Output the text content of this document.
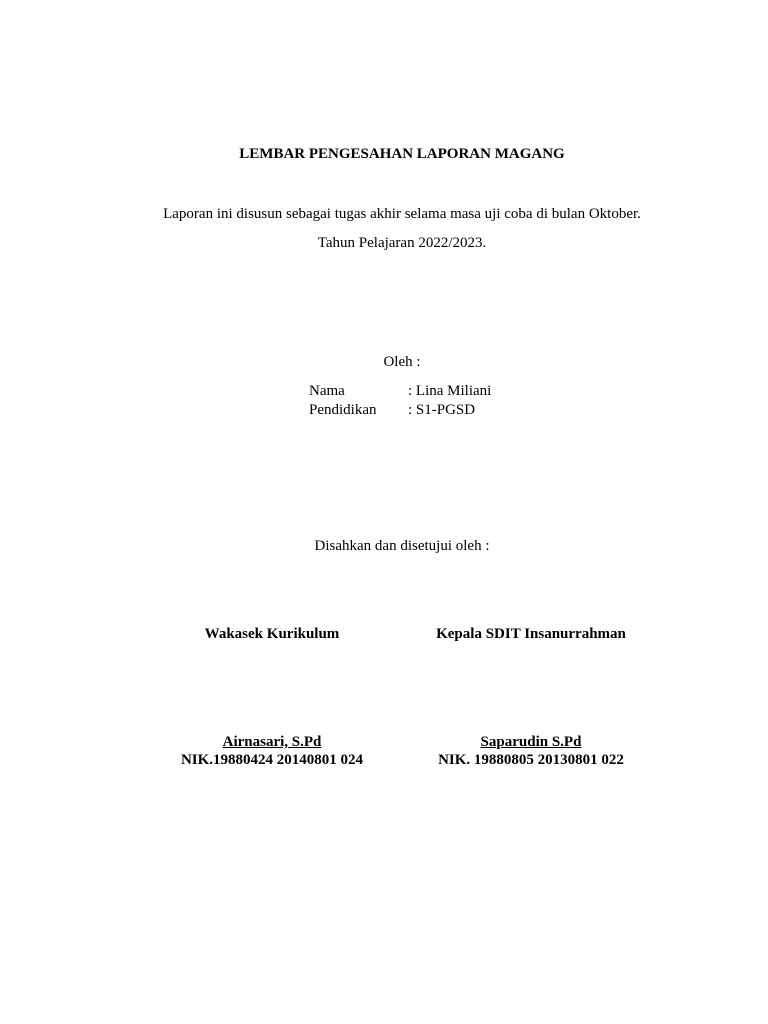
LEMBAR PENGESAHAN LAPORAN MAGANG
Laporan ini disusun sebagai tugas akhir selama masa uji coba di bulan Oktober.
Tahun Pelajaran 2022/2023.
Oleh :
Nama	: Lina Miliani
Pendidikan : S1-PGSD
Disahkan dan disetujui oleh :
Wakasek Kurikulum	Kepala SDIT Insanurrahman
Airnasari, S.Pd	Saparudin S.Pd
NIK.19880424 20140801 024	NIK. 19880805 20130801 022
